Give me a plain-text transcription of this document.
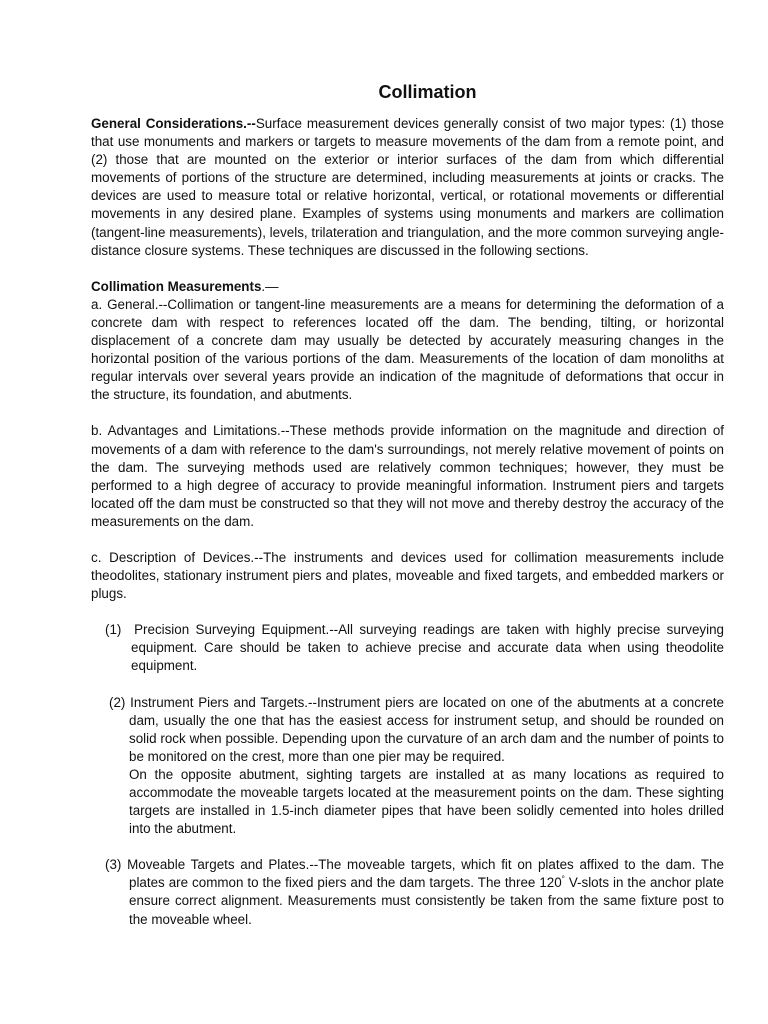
Collimation

General Considerations.--Surface measurement devices generally consist of two major types: (1) those that use monuments and markers or targets to measure movements of the dam from a remote point, and (2) those that are mounted on the exterior or interior surfaces of the dam from which differential movements of portions of the structure are determined, including measurements at joints or cracks. The devices are used to measure total or relative horizontal, vertical, or rotational movements or differential movements in any desired plane. Examples of systems using monuments and markers are collimation (tangent-line measurements), levels, trilateration and triangulation, and the more common surveying angle-distance closure systems. These techniques are discussed in the following sections.

Collimation Measurements.—

a. General.--Collimation or tangent-line measurements are a means for determining the deformation of a concrete dam with respect to references located off the dam. The bending, tilting, or horizontal displacement of a concrete dam may usually be detected by accurately measuring changes in the horizontal position of the various portions of the dam. Measurements of the location of dam monoliths at regular intervals over several years provide an indication of the magnitude of deformations that occur in the structure, its foundation, and abutments.

b. Advantages and Limitations.--These methods provide information on the magnitude and direction of movements of a dam with reference to the dam's surroundings, not merely relative movement of points on the dam. The surveying methods used are relatively common techniques; however, they must be performed to a high degree of accuracy to provide meaningful information. Instrument piers and targets located off the dam must be constructed so that they will not move and thereby destroy the accuracy of the measurements on the dam.

c. Description of Devices.--The instruments and devices used for collimation measurements include theodolites, stationary instrument piers and plates, moveable and fixed targets, and embedded markers or plugs.

(1)  Precision Surveying Equipment.--All surveying readings are taken with highly precise surveying equipment. Care should be taken to achieve precise and accurate data when using theodolite equipment.

(2) Instrument Piers and Targets.--Instrument piers are located on one of the abutments at a concrete dam, usually the one that has the easiest access for instrument setup, and should be rounded on solid rock when possible. Depending upon the curvature of an arch dam and the number of points to be monitored on the crest, more than one pier may be required.

On the opposite abutment, sighting targets are installed at as many locations as required to accommodate the moveable targets located at the measurement points on the dam. These sighting targets are installed in 1.5-inch diameter pipes that have been solidly cemented into holes drilled into the abutment.

(3) Moveable Targets and Plates.--The moveable targets, which fit on plates affixed to the dam. The plates are common to the fixed piers and the dam targets. The three 120° V-slots in the anchor plate ensure correct alignment. Measurements must consistently be taken from the same fixture post to the moveable wheel.
